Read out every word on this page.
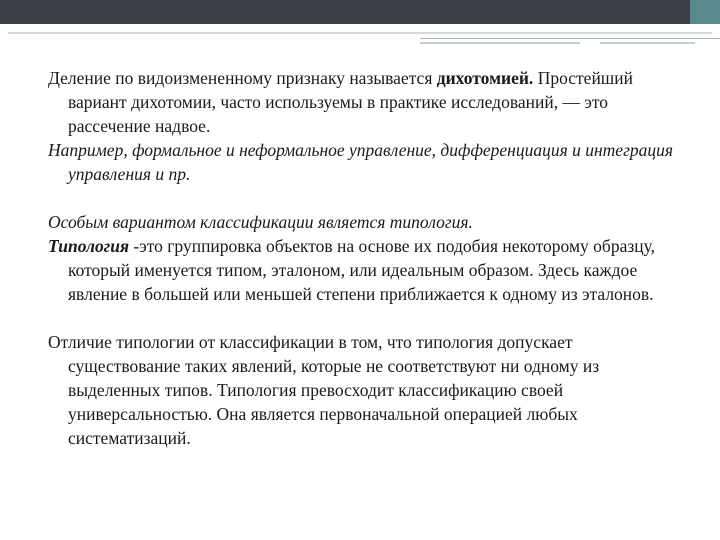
Деление по видоизмененному признаку называется дихотомией. Простейший вариант дихотомии, часто используемы в практике исследований, — это рассечение надвое.

Например, формальное и неформальное управление, дифференциация и интеграция управления и пр.

Особым вариантом классификации является типология.

Типология -это группировка объектов на основе их подобия некоторому образцу, который именуется типом, эталоном, или идеальным образом. Здесь каждое явление в большей или меньшей степени приближается к одному из эталонов.

Отличие типологии от классификации в том, что типология допускает существование таких явлений, которые не соответствуют ни одному из выделенных типов. Типология превосходит классификацию своей универсальностью. Она является первоначальной операцией любых систематизаций.
